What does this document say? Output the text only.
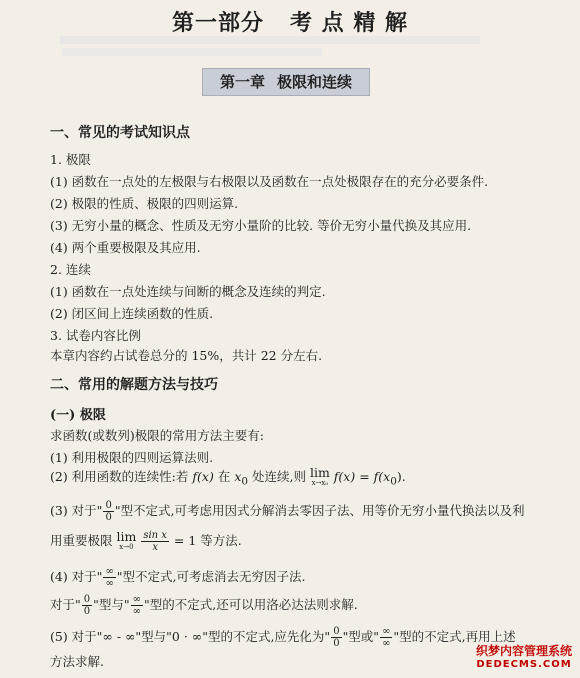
第一部分 考 点 精 解
第一章 极限和连续
一、常见的考试知识点
1. 极限
(1) 函数在一点处的左极限与右极限以及函数在一点处极限存在的充分必要条件.
(2) 极限的性质、极限的四则运算.
(3) 无穷小量的概念、性质及无穷小量阶的比较. 等价无穷小量代换及其应用.
(4) 两个重要极限及其应用.
2. 连续
(1) 函数在一点处连续与间断的概念及连续的判定.
(2) 闭区间上连续函数的性质.
3. 试卷内容比例
本章内容约占试卷总分的 15%，共计 22 分左右.
二、常用的解题方法与技巧
(一) 极限
求函数(或数列)极限的常用方法主要有:
(1) 利用极限的四则运算法则.
(2) 利用函数的连续性:若 f(x) 在 $x_0$ 处连续,则 lim
x→x₀ $f(x) = f(x_0)$.
(3) 对于" $\frac{0}{0}$ "型不定式,可考虑用因式分解消去零因子法、用等价无穷小量代换法以及利
用重要极限 lim
x→0
$\frac{\text{sin x}}{x} = 1$ 等方法.
(4) 对于" $\frac{\infty}{\infty}$ "型不定式,可考虑消去无穷因子法.
对于" $\frac{0}{0}$ "型与" $\frac{\infty}{\infty}$ "型的不定式,还可以用洛必达法则求解.
(5) 对于"∞ - ∞"型与"0 · ∞"型的不定式,应先化为" $\frac{0}{0}$ "型或" $\frac{\infty}{\infty}$ "型的不定式,再用上述
方法求解.
织梦内容管理系统
DEDECMS.COM
